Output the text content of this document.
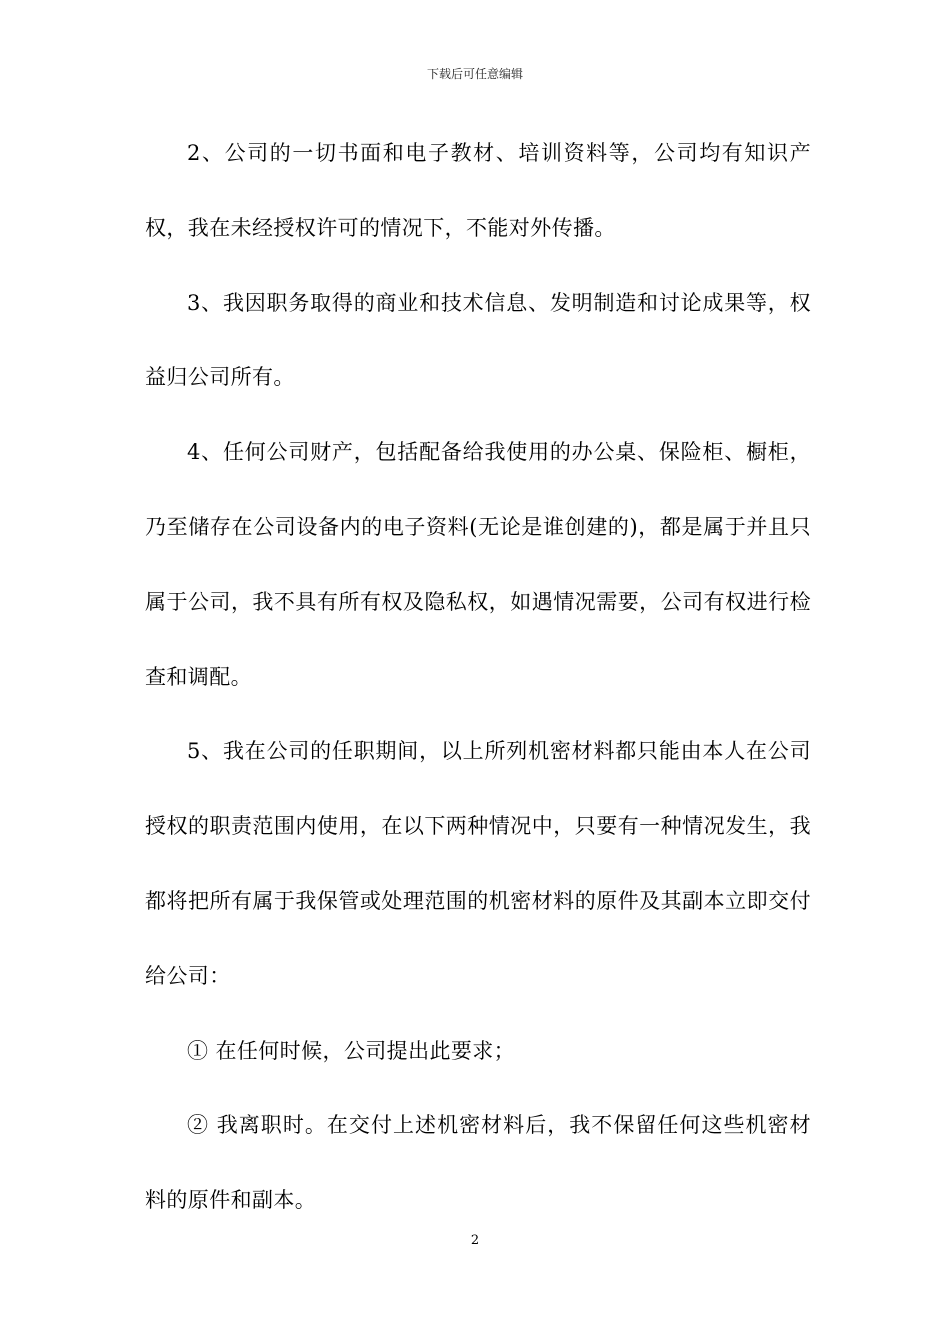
下载后可任意编辑

2、公司的一切书面和电子教材、培训资料等，公司均有知识产权，我在未经授权许可的情况下，不能对外传播。

3、我因职务取得的商业和技术信息、发明制造和讨论成果等，权益归公司所有。

4、任何公司财产，包括配备给我使用的办公桌、保险柜、橱柜，乃至储存在公司设备内的电子资料(无论是谁创建的)，都是属于并且只属于公司，我不具有所有权及隐私权，如遇情况需要，公司有权进行检查和调配。

5、我在公司的任职期间，以上所列机密材料都只能由本人在公司授权的职责范围内使用，在以下两种情况中，只要有一种情况发生，我都将把所有属于我保管或处理范围的机密材料的原件及其副本立即交付给公司：

① 在任何时候，公司提出此要求；

② 我离职时。在交付上述机密材料后，我不保留任何这些机密材料的原件和副本。

2
